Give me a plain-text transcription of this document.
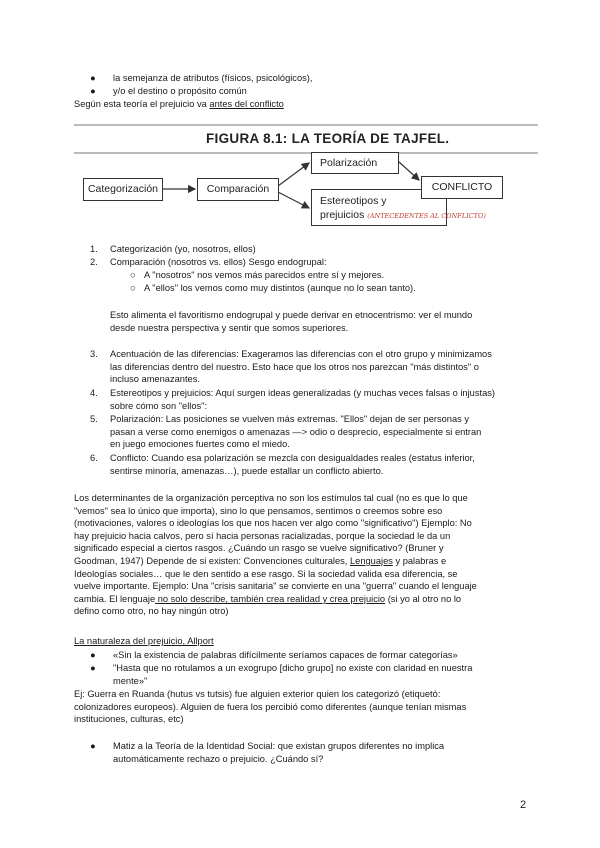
●	la semejanza de atributos (físicos, psicológicos),
●	y/o el destino o propósito común
Según esta teoría el prejuicio va antes del conflicto
FIGURA 8.1: LA TEORÍA DE TAJFEL.
Categorización	Comparación
Polarización
Estereotipos y
prejuicios (ANTECEDENTES AL CONFLICTO)
CONFLICTO
1. Categorización (yo, nosotros, ellos)
2. Comparación (nosotros vs. ellos) Sesgo endogrupal:
○ A "nosotros" nos vemos más parecidos entre sí y mejores.
○ A "ellos" los vemos como muy distintos (aunque no lo sean tanto).
Esto alimenta el favoritismo endogrupal y puede derivar en etnocentrismo: ver el mundo
desde nuestra perspectiva y sentir que somos superiores.
3. Acentuación de las diferencias: Exageramos las diferencias con el otro grupo y minimizamos
las diferencias dentro del nuestro. Esto hace que los otros nos parezcan "más distintos" o
incluso amenazantes.
4. Estereotipos y prejuicios: Aquí surgen ideas generalizadas (y muchas veces falsas o injustas)
sobre cómo son "ellos":
5. Polarización: Las posiciones se vuelven más extremas. "Ellos" dejan de ser personas y
pasan a verse como enemigos o amenazas —> odio o desprecio, especialmente si entran
en juego emociones fuertes como el miedo.
6. Conflicto: Cuando esa polarización se mezcla con desigualdades reales (estatus inferior,
sentirse minoría, amenazas…), puede estallar un conflicto abierto.
Los determinantes de la organización perceptiva no son los estímulos tal cual (no es que lo que
"vemos" sea lo único que importa), sino lo que pensamos, sentimos o creemos sobre eso
(motivaciones, valores o ideologías los que nos hacen ver algo como "significativo") Ejemplo: No
hay prejuicio hacia calvos, pero sí hacia personas racializadas, porque la sociedad le da un
significado especial a ciertos rasgos. ¿Cuándo un rasgo se vuelve significativo? (Bruner y
Goodman, 1947) Depende de si existen: Convenciones culturales, Lenguajes y palabras e
Ideologías sociales… que le den sentido a ese rasgo. Si la sociedad valida esa diferencia, se
vuelve importante. Ejemplo: Una "crisis sanitaria" se convierte en una "guerra" cuando el lenguaje
cambia. El lenguaje no solo describe, también crea realidad y crea prejuicio (si yo al otro no lo
defino como otro, no hay ningún otro)
La naturaleza del prejuicio, Allport
●	«Sin la existencia de palabras difícilmente seríamos capaces de formar categorías»
●	"Hasta que no rotulamos a un exogrupo [dicho grupo] no existe con claridad en nuestra
mente»"
Ej: Guerra en Ruanda (hutus vs tutsis) fue alguien exterior quien los categorizó (etiquetó:
colonizadores europeos). Alguien de fuera los percibió como diferentes (aunque tenían mismas
instituciones, culturas, etc)
●	Matiz a la Teoría de la Identidad Social: que existan grupos diferentes no implica
automáticamente rechazo o prejuicio. ¿Cuándo sí?
2
